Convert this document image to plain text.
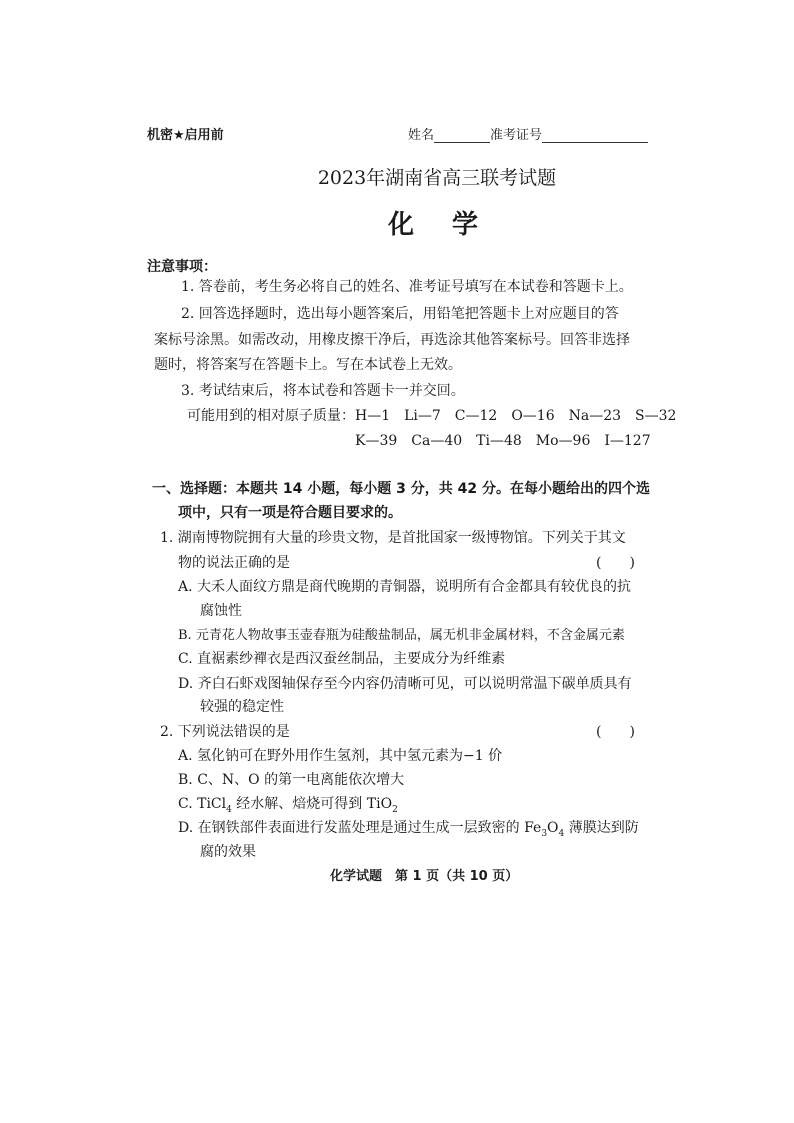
机密★启用前	姓名	准考证号
2023年湖南省高三联考试题
化　学
注意事项：
1. 答卷前，考生务必将自己的姓名、准考证号填写在本试卷和答题卡上。
2. 回答选择题时，选出每小题答案后，用铅笔把答题卡上对应题目的答
案标号涂黑。如需改动，用橡皮擦干净后，再选涂其他答案标号。回答非选择
题时，将答案写在答题卡上。写在本试卷上无效。
3. 考试结束后，将本试卷和答题卡一并交回。
可能用到的相对原子质量：H—1　Li—7　C—12　O—16　Na—23　S—32
K—39　Ca—40　Ti—48　Mo—96　I—127
一、选择题：本题共 14 小题，每小题 3 分，共 42 分。在每小题给出的四个选
项中，只有一项是符合题目要求的。
1. 湖南博物院拥有大量的珍贵文物，是首批国家一级博物馆。下列关于其文
物的说法正确的是	(　　)
A. 大禾人面纹方鼎是商代晚期的青铜器，说明所有合金都具有较优良的抗
腐蚀性
B. 元青花人物故事玉壶春瓶为硅酸盐制品，属无机非金属材料，不含金属元素
C. 直裾素纱襌衣是西汉蚕丝制品，主要成分为纤维素
D. 齐白石虾戏图轴保存至今内容仍清晰可见，可以说明常温下碳单质具有
较强的稳定性
2. 下列说法错误的是	(　　)
A. 氢化钠可在野外用作生氢剂，其中氢元素为−1 价
B. C、N、O 的第一电离能依次增大
C. TiCl$_4$ 经水解、焙烧可得到 TiO$_2$
D. 在钢铁部件表面进行发蓝处理是通过生成一层致密的 $Fe_3O_4$ 薄膜达到防
腐的效果
化学试题　第 1 页（共 10 页）
